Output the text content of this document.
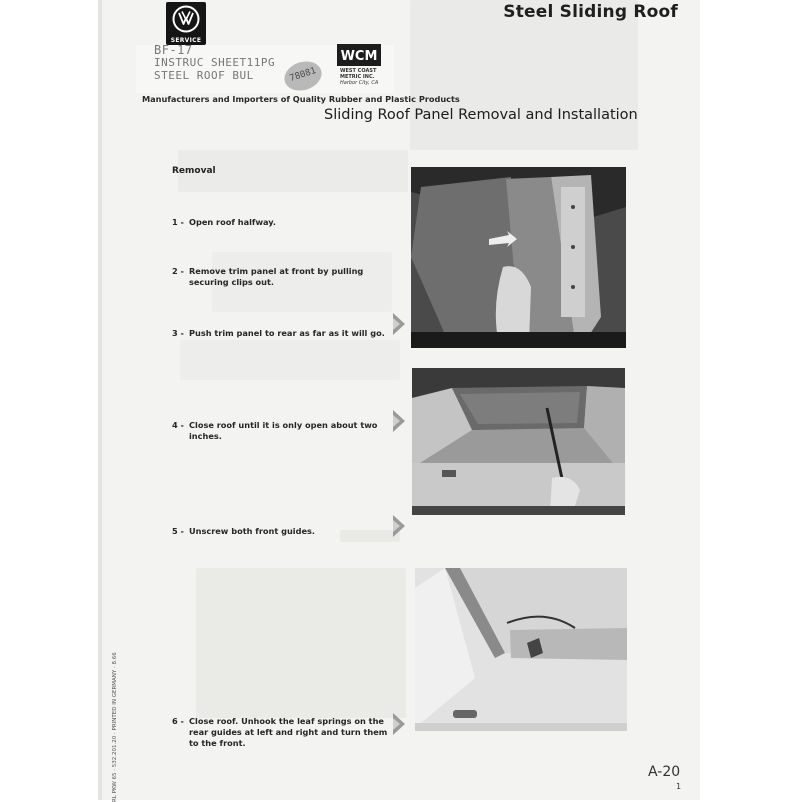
SERVICE
Steel Sliding Roof
BF-17
INSTRUC SHEET11PG
STEEL ROOF BUL	78081
WCM
WEST COAST
METRIC INC.
Harbor City, CA
Manufacturers and Importers of Quality Rubber and Plastic Products
Sliding Roof Panel Removal and Installation
Removal
1 - Open roof halfway.
2 - Remove trim panel at front by pulling securing clips out.
3 - Push trim panel to rear as far as it will go.
4 - Close roof until it is only open about two inches.
5 - Unscrew both front guides.
6 - Close roof. Unhook the leaf springs on the rear guides at left and right and turn them to the front.
A-20
1
RL PKW 65 · 532.201.20 · PRINTED IN GERMANY · 8.66
